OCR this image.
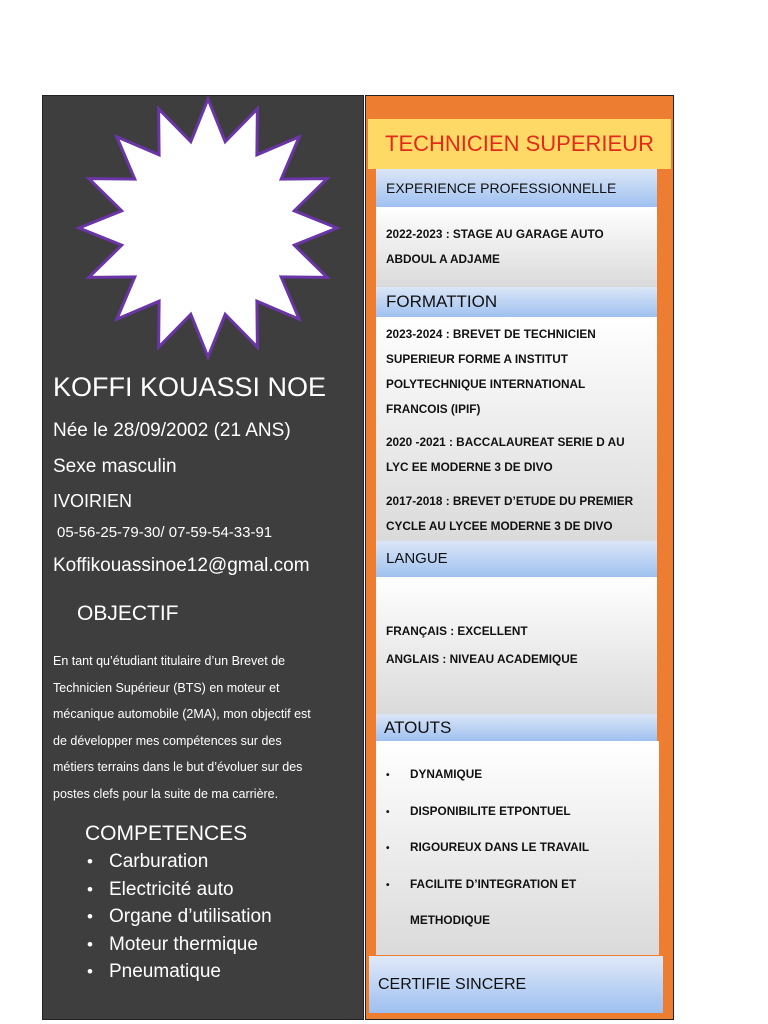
KOFFI KOUASSI NOE
Née le 28/09/2002 (21 ANS)
Sexe masculin
IVOIRIEN
05-56-25-79-30/ 07-59-54-33-91
Koffikouassinoe12@gmal.com
OBJECTIF
En tant qu’étudiant titulaire d’un Brevet de
Technicien Supérieur (BTS) en moteur et
mécanique automobile (2MA), mon objectif est
de développer mes compétences sur des
métiers terrains dans le but d’évoluer sur des
postes clefs pour la suite de ma carrière.
COMPETENCES
• Carburation
• Electricité auto
• Organe d’utilisation
• Moteur thermique
• Pneumatique
TECHNICIEN SUPERIEUR
EXPERIENCE PROFESSIONNELLE
2022-2023 : STAGE AU GARAGE AUTO
ABDOUL A ADJAME
FORMATTION
2023-2024 : BREVET DE TECHNICIEN
SUPERIEUR FORME A INSTITUT
POLYTECHNIQUE INTERNATIONAL
FRANCOIS (IPIF)
2020 -2021 : BACCALAUREAT SERIE D AU
LYC EE MODERNE 3 DE DIVO
2017-2018 : BREVET D’ETUDE DU PREMIER
CYCLE AU LYCEE MODERNE 3 DE DIVO
LANGUE
FRANÇAIS : EXCELLENT
ANGLAIS : NIVEAU ACADEMIQUE
ATOUTS
• DYNAMIQUE
• DISPONIBILITE ETPONTUEL
• RIGOUREUX DANS LE TRAVAIL
• FACILITE D’INTEGRATION ET
METHODIQUE
CERTIFIE SINCERE
